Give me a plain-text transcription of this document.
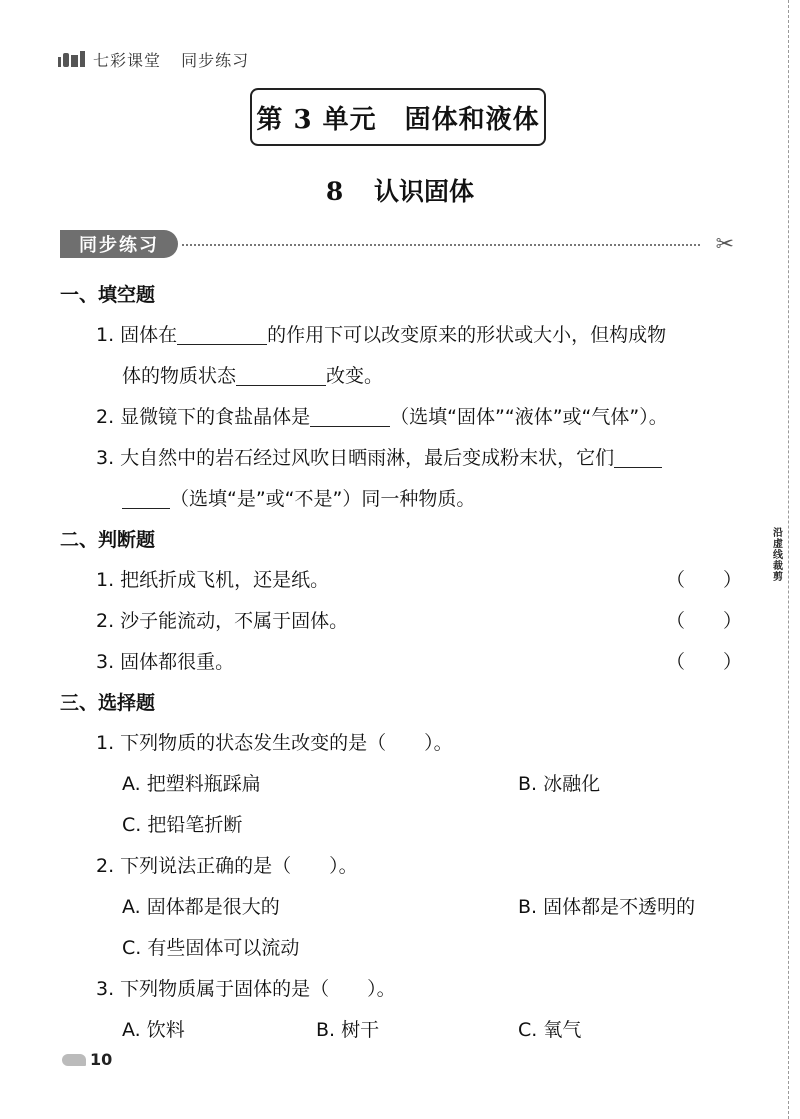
七彩课堂 同步练习
第 3 单元 固体和液体
8 认识固体
同步练习	✂
一、填空题
1. 固体在	的作用下可以改变原来的形状或大小，但构成物
体的物质状态	改变。
2. 显微镜下的食盐晶体是	（选填“固体”“液体”或“气体”）。
3. 大自然中的岩石经过风吹日晒雨淋，最后变成粉末状，它们
（选填“是”或“不是”）同一种物质。
二、判断题
1. 把纸折成飞机，还是纸。	（　　）
2. 沙子能流动，不属于固体。	（　　）
3. 固体都很重。	（　　）
三、选择题
1. 下列物质的状态发生改变的是（　　）。
A. 把塑料瓶踩扁	B. 冰融化
C. 把铅笔折断
2. 下列说法正确的是（　　）。
A. 固体都是很大的	B. 固体都是不透明的
C. 有些固体可以流动
3. 下列物质属于固体的是（　　）。
A. 饮料	B. 树干	C. 氧气
沿虚线裁剪
10
